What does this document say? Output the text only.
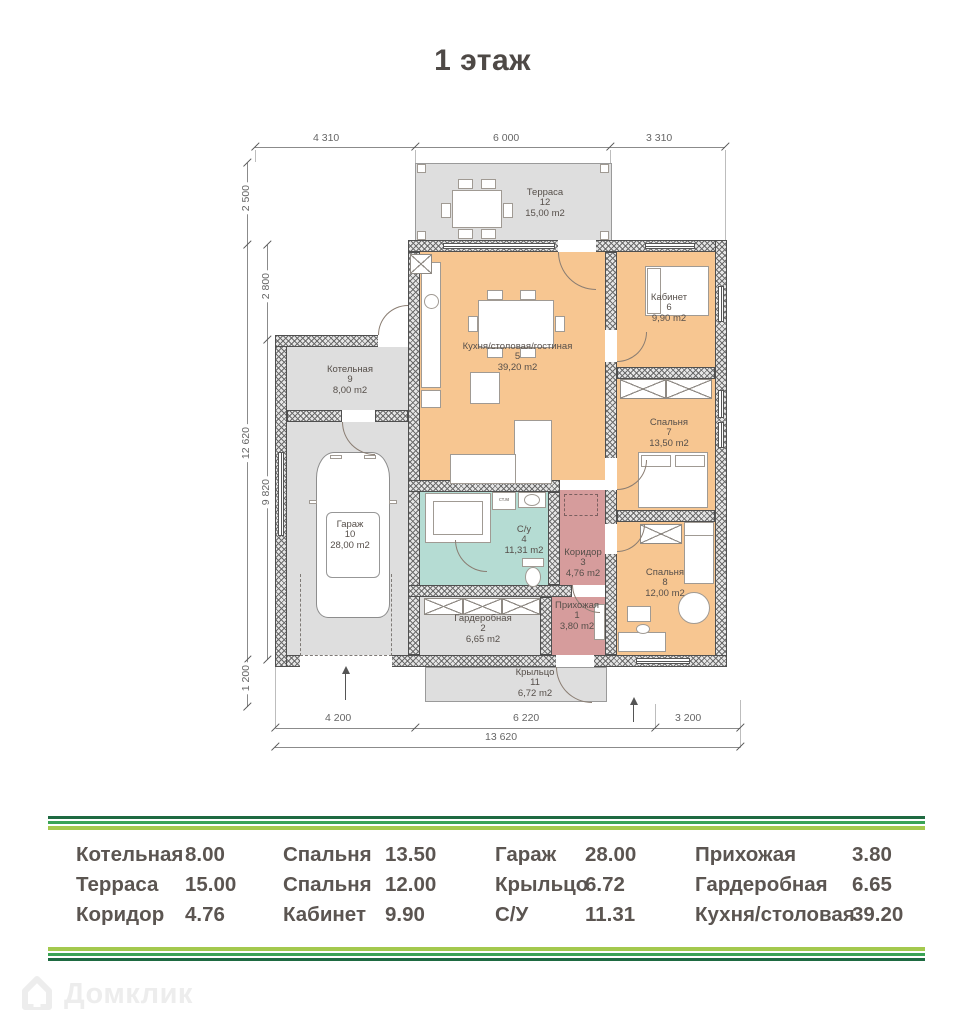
1 этаж
ст.м
Терраса
12
15,00 m2
Кухня/столовая/гостиная
5
39,20 m2
Кабинет
6
9,90 m2
Спальня
7
13,50 m2
Котельная
9
8,00 m2
Гараж
10
28,00 m2
С/у
4
11,31 m2	Коридор
3
4,76 m2
Прихожая
1
3,80 m2
Спальня
8
12,00 m2
Гардеробная
2
6,65 m2
Крыльцо
11
6,72 m2
4 310	6 000	3 310
2 500
12 620
1 200
2 800
9 820
4 200	6 220	3 200
13 620
Котельная 8.00
Терраса 15.00
Коридор 4.76
Спальня 13.50
Спальня 12.00
Кабинет 9.90
Гараж 28.00
Крыльцо
6.72
С/У	11.31
Прихожая	3.80
Гардеробная 6.65
Кухня/столовая
39.20
Домклик
